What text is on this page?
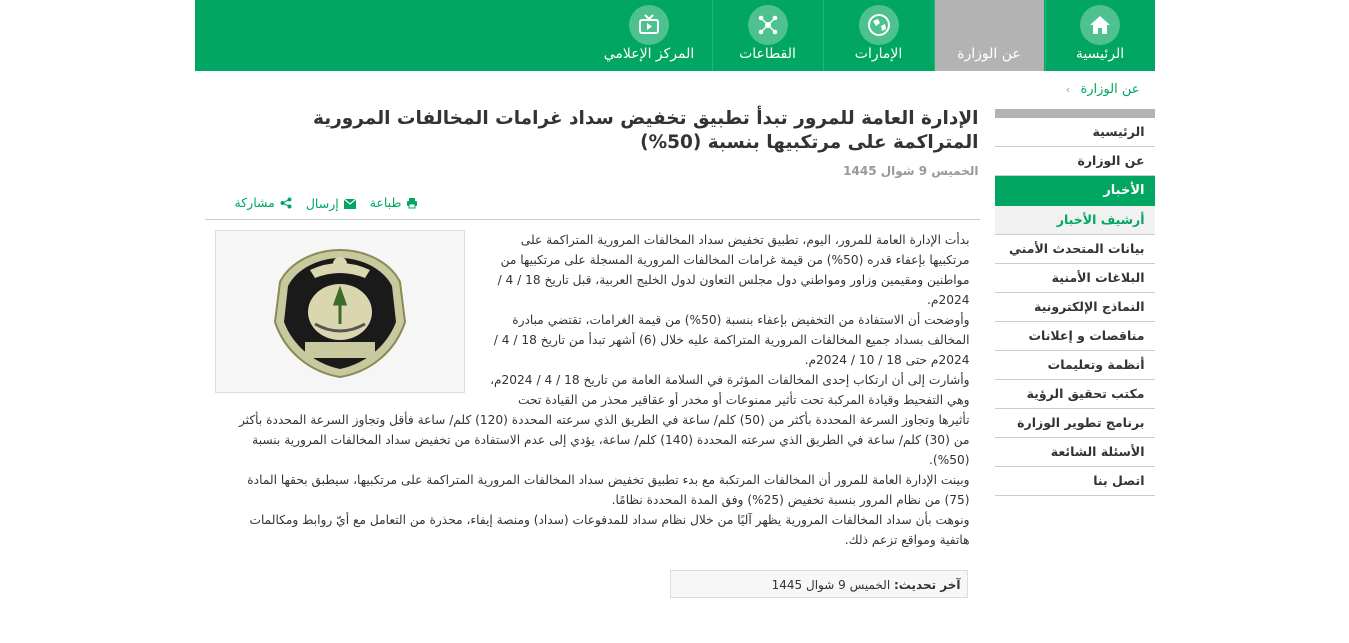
الرئيسية
عن الوزارة
الإمارات
القطاعات
المركز الإعلامي
عن الوزارة ›
الرئيسية
عن الوزارة
الأخبار
أرشيف الأخبار
بيانات المتحدث الأمني
البلاغات الأمنية
النماذج الإلكترونية
مناقصات و إعلانات
أنظمة وتعليمات
مكتب تحقيق الرؤية
برنامج تطوير الوزارة
الأسئلة الشائعة
اتصل بنا
الإدارة العامة للمرور تبدأ تطبيق تخفيض سداد غرامات المخالفات المرورية المتراكمة على مرتكبيها بنسبة (50%)
الخميس 9 شوال 1445
طباعة

إرسال

مشاركة

بدأت الإدارة العامة للمرور، اليوم، تطبيق تخفيض سداد المخالفات المرورية المتراكمة على مرتكبيها بإعفاء قدره (50%) من قيمة غرامات المخالفات المرورية المسجلة على مرتكبيها من مواطنين ومقيمين وزاور ومواطني دول مجلس التعاون لدول الخليج العربية، قبل تاريخ 18 / 4 / 2024م.

وأوضحت أن الاستفادة من التخفيض بإعفاء بنسبة (50%) من قيمة الغرامات، تقتضي مبادرة المخالف بسداد جميع المخالفات المرورية المتراكمة عليه خلال (6) أشهر تبدأ من تاريخ 18 / 4 / 2024م حتى 18 / 10 / 2024م.

وأشارت إلى أن ارتكاب إحدى المخالفات المؤثرة في السلامة العامة من تاريخ 18 / 4 / 2024م، وهي التفحيط وقيادة المركبة تحت تأثير ممنوعات أو مخدر أو عقاقير محذر من القيادة تحت تأثيرها وتجاوز السرعة المحددة بأكثر من (50) كلم/ ساعة في الطريق الذي سرعته المحددة (120) كلم/ ساعة فأقل وتجاوز السرعة المحددة بأكثر من (30) كلم/ ساعة في الطريق الذي سرعته المحددة (140) كلم/ ساعة، يؤدي إلى عدم الاستفادة من تخفيض سداد المخالفات المرورية بنسبة (50%).

وبينت الإدارة العامة للمرور أن المخالفات المرتكبة مع بدء تطبيق تخفيض سداد المخالفات المرورية المتراكمة على مرتكبيها، سيطبق بحقها المادة (75) من نظام المرور بنسبة تخفيض (25%) وفق المدة المحددة نظامًا.

ونوهت بأن سداد المخالفات المرورية يظهر آليًا من خلال نظام سداد للمدفوعات (سداد) ومنصة إيفاء، محذرة من التعامل مع أيّ روابط ومكالمات هاتفية ومواقع تزعم ذلك.

آخر تحديث: الخميس 9 شوال 1445
